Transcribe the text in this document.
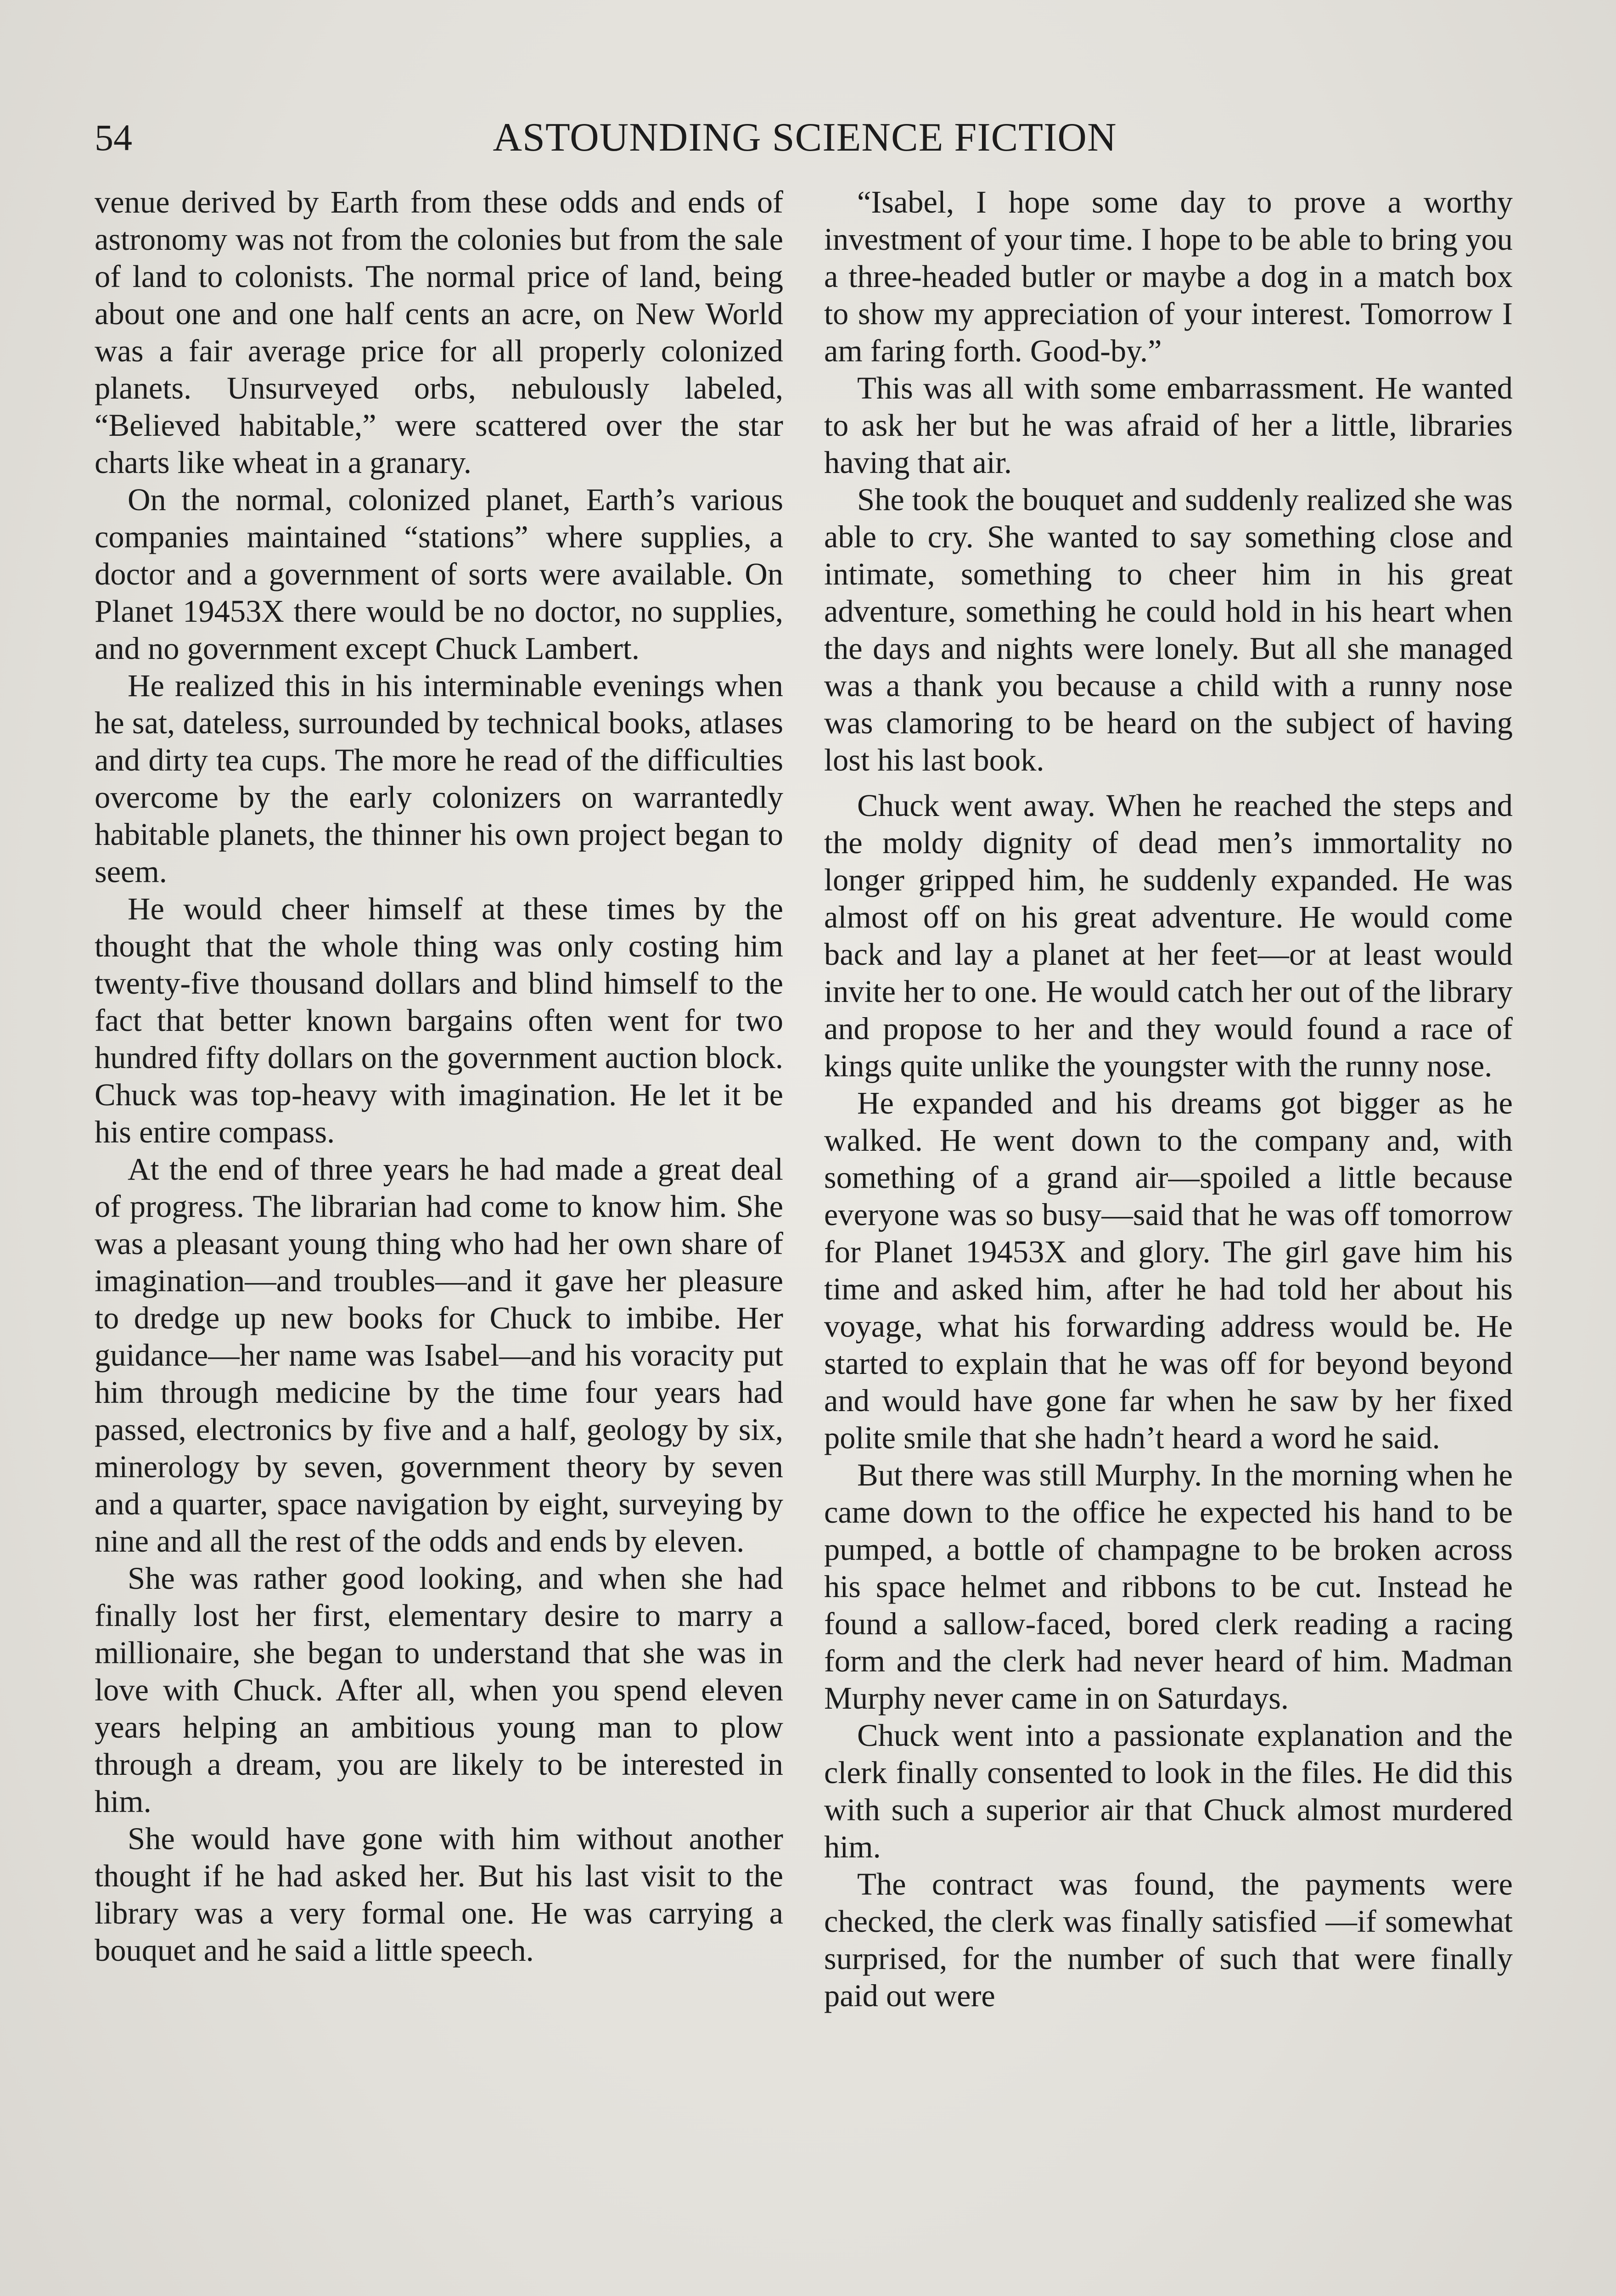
54	ASTOUNDING SCIENCE FICTION

venue derived by Earth from these odds and ends of astronomy was not from the colonies but from the sale of land to colonists. The normal price of land, being about one and one half cents an acre, on New World was a fair average price for all properly colonized planets. Unsurveyed orbs, nebulously labeled, “Believed habitable,” were scattered over the star charts like wheat in a granary.

On the normal, colonized planet, Earth’s various companies maintained “stations” where supplies, a doctor and a government of sorts were available. On Planet 19453X there would be no doctor, no supplies, and no government except Chuck Lambert.

He realized this in his interminable evenings when he sat, dateless, surrounded by technical books, atlases and dirty tea cups. The more he read of the difficulties overcome by the early colonizers on warrantedly habitable planets, the thinner his own project began to seem.

He would cheer himself at these times by the thought that the whole thing was only costing him twenty-five thousand dollars and blind himself to the fact that better known bargains often went for two hundred fifty dollars on the government auction block. Chuck was top-heavy with imagination. He let it be his entire compass.

At the end of three years he had made a great deal of progress. The librarian had come to know him. She was a pleasant young thing who had her own share of imagination—and troubles—and it gave her pleasure to dredge up new books for Chuck to imbibe. Her guidance—her name was Isabel—and his voracity put him through medicine by the time four years had passed, electronics by five and a half, geology by six, minerology by seven, government theory by seven and a quarter, space navigation by eight, surveying by nine and all the rest of the odds and ends by eleven.

She was rather good looking, and when she had finally lost her first, elementary desire to marry a millionaire, she began to understand that she was in love with Chuck. After all, when you spend eleven years helping an ambitious young man to plow through a dream, you are likely to be interested in him.

She would have gone with him without another thought if he had asked her. But his last visit to the library was a very formal one. He was carrying a bouquet and he said a little speech.

“Isabel, I hope some day to prove a worthy investment of your time. I hope to be able to bring you a three-headed butler or maybe a dog in a match box to show my appreciation of your interest. Tomorrow I am faring forth. Good-by.”

This was all with some embarrassment. He wanted to ask her but he was afraid of her a little, libraries having that air.

She took the bouquet and suddenly realized she was able to cry. She wanted to say something close and intimate, something to cheer him in his great adventure, something he could hold in his heart when the days and nights were lonely. But all she managed was a thank you because a child with a runny nose was clamoring to be heard on the subject of having lost his last book.

Chuck went away. When he reached the steps and the moldy dignity of dead men’s immortality no longer gripped him, he suddenly expanded. He was almost off on his great adventure. He would come back and lay a planet at her feet—or at least would invite her to one. He would catch her out of the library and propose to her and they would found a race of kings quite unlike the youngster with the runny nose.

He expanded and his dreams got bigger as he walked. He went down to the company and, with something of a grand air—spoiled a little because everyone was so busy—said that he was off tomorrow for Planet 19453X and glory. The girl gave him his time and asked him, after he had told her about his voyage, what his forwarding address would be. He started to explain that he was off for beyond beyond and would have gone far when he saw by her fixed polite smile that she hadn’t heard a word he said.

But there was still Murphy. In the morning when he came down to the office he expected his hand to be pumped, a bottle of champagne to be broken across his space helmet and ribbons to be cut. Instead he found a sallow-faced, bored clerk reading a racing form and the clerk had never heard of him. Madman Murphy never came in on Saturdays.

Chuck went into a passionate explanation and the clerk finally consented to look in the files. He did this with such a superior air that Chuck almost murdered him.

The contract was found, the payments were checked, the clerk was finally satisfied —if somewhat surprised, for the number of such that were finally paid out were
